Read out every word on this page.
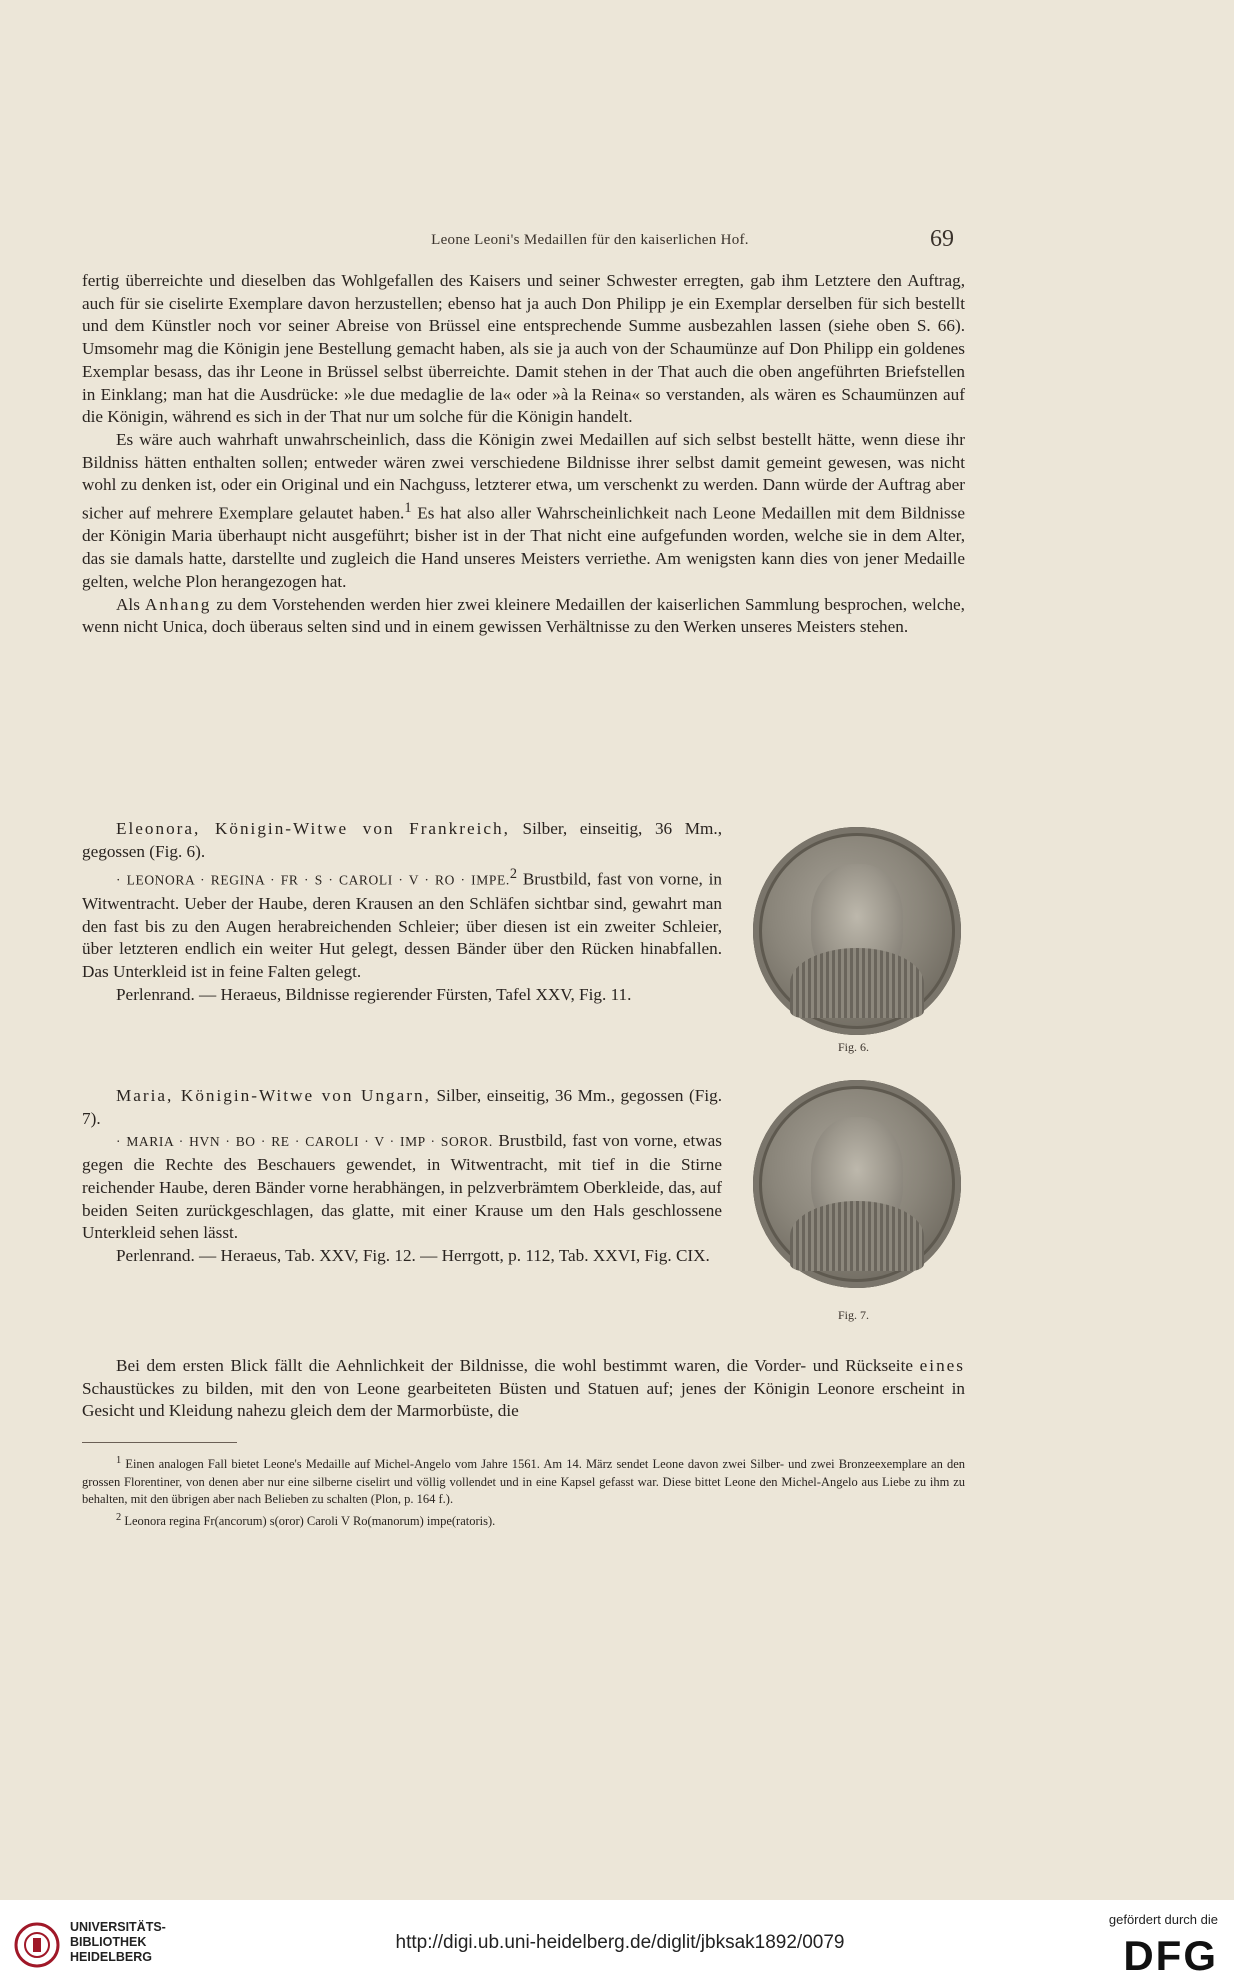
Leone Leoni's Medaillen für den kaiserlichen Hof.	69

fertig überreichte und dieselben das Wohlgefallen des Kaisers und seiner Schwester erregten, gab ihm Letztere den Auftrag, auch für sie ciselirte Exemplare davon herzustellen; ebenso hat ja auch Don Philipp je ein Exemplar derselben für sich bestellt und dem Künstler noch vor seiner Abreise von Brüssel eine entsprechende Summe ausbezahlen lassen (siehe oben S. 66). Umsomehr mag die Königin jene Bestellung gemacht haben, als sie ja auch von der Schaumünze auf Don Philipp ein goldenes Exemplar besass, das ihr Leone in Brüssel selbst überreichte. Damit stehen in der That auch die oben angeführten Briefstellen in Einklang; man hat die Ausdrücke: »le due medaglie de la« oder »à la Reina« so verstanden, als wären es Schaumünzen auf die Königin, während es sich in der That nur um solche für die Königin handelt.

Es wäre auch wahrhaft unwahrscheinlich, dass die Königin zwei Medaillen auf sich selbst bestellt hätte, wenn diese ihr Bildniss hätten enthalten sollen; entweder wären zwei verschiedene Bildnisse ihrer selbst damit gemeint gewesen, was nicht wohl zu denken ist, oder ein Original und ein Nachguss, letzterer etwa, um verschenkt zu werden. Dann würde der Auftrag aber sicher auf mehrere Exemplare gelautet haben.$^1$ Es hat also aller Wahrscheinlichkeit nach Leone Medaillen mit dem Bildnisse der Königin Maria überhaupt nicht ausgeführt; bisher ist in der That nicht eine aufgefunden worden, welche sie in dem Alter, das sie damals hatte, darstellte und zugleich die Hand unseres Meisters verriethe. Am wenigsten kann dies von jener Medaille gelten, welche Plon herangezogen hat.

Als Anhang zu dem Vorstehenden werden hier zwei kleinere Medaillen der kaiserlichen Sammlung besprochen, welche, wenn nicht Unica, doch überaus selten sind und in einem gewissen Verhältnisse zu den Werken unseres Meisters stehen.

Eleonora, Königin-Witwe von Frankreich, Silber, einseitig, 36 Mm., gegossen (Fig. 6).

· LEONORA · REGINA · FR · S · CAROLI · V · RO · IMPE.$^2$ Brustbild, fast von vorne, in Witwentracht. Ueber der Haube, deren Krausen an den Schläfen sichtbar sind, gewahrt man den fast bis zu den Augen herabreichenden Schleier; über diesen ist ein zweiter Schleier, über letzteren endlich ein weiter Hut gelegt, dessen Bänder über den Rücken hinabfallen. Das Unterkleid ist in feine Falten gelegt.

Perlenrand. — Heraeus, Bildnisse regierender Fürsten, Tafel XXV, Fig. 11.

Maria, Königin-Witwe von Ungarn, Silber, einseitig, 36 Mm., gegossen (Fig. 7).

· MARIA · HVN · BO · RE · CAROLI · V · IMP · SOROR. Brustbild, fast von vorne, etwas gegen die Rechte des Beschauers gewendet, in Witwentracht, mit tief in die Stirne reichender Haube, deren Bänder vorne herabhängen, in pelzverbrämtem Oberkleide, das, auf beiden Seiten zurückgeschlagen, das glatte, mit einer Krause um den Hals geschlossene Unterkleid sehen lässt.

Perlenrand. — Heraeus, Tab. XXV, Fig. 12. — Herrgott, p. 112, Tab. XXVI, Fig. CIX.

Fig. 6.
Fig. 7.

Bei dem ersten Blick fällt die Aehnlichkeit der Bildnisse, die wohl bestimmt waren, die Vorder- und Rückseite eines Schaustückes zu bilden, mit den von Leone gearbeiteten Büsten und Statuen auf; jenes der Königin Leonore erscheint in Gesicht und Kleidung nahezu gleich dem der Marmorbüste, die

$^1$ Einen analogen Fall bietet Leone's Medaille auf Michel-Angelo vom Jahre 1561. Am 14. März sendet Leone davon zwei Silber- und zwei Bronzeexemplare an den grossen Florentiner, von denen aber nur eine silberne ciselirt und völlig vollendet und in eine Kapsel gefasst war. Diese bittet Leone den Michel-Angelo aus Liebe zu ihm zu behalten, mit den übrigen aber nach Belieben zu schalten (Plon, p. 164 f.).

$^2$ Leonora regina Fr(ancorum) s(oror) Caroli V Ro(manorum) impe(ratoris).

UNIVERSITÄTS-
BIBLIOTHEK
HEIDELBERG
http://digi.ub.uni-heidelberg.de/diglit/jbksak1892/0079
gefördert durch die
DFG
